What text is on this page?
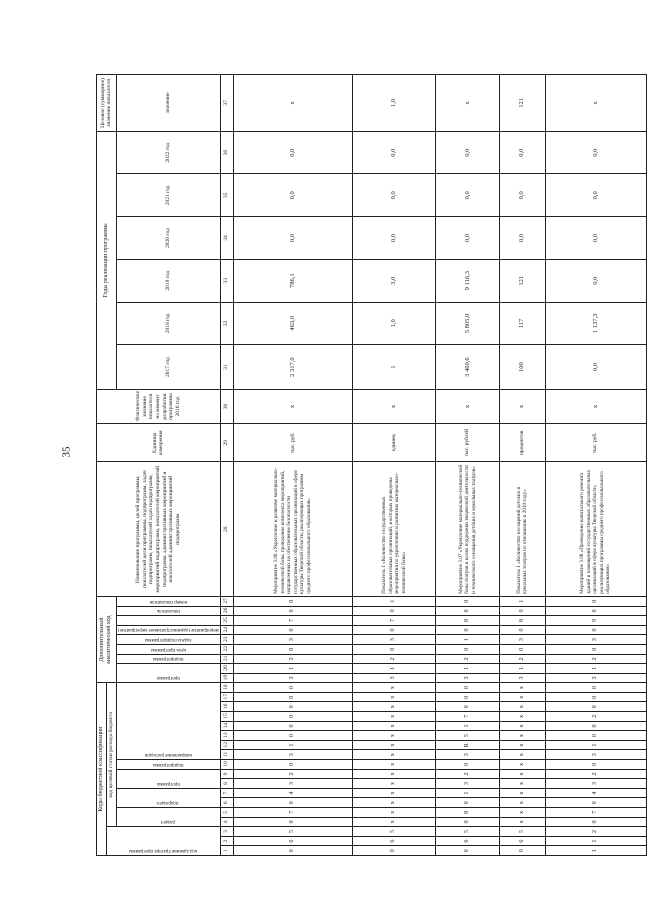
35
Коды бюджетной классификации																		Дополнительный аналитический код									Наименование программы, целей программы, показателей цели программы, подпрограмм, задач подпрограмм, показателей задач подпрограмм, мероприятий подпрограмм, показателей мероприятий подпрограмм, административных мероприятий и показателей административных мероприятий подпрограмм	Единица измерения	Фактическое значение показателя на момент разработки программы 2016 год	Годы реализации программы						Целевое (суммарное) значение показателя

код администратора программы			код целевой статьи расхода бюджета																																	

			раздел		подраздел		программа		подпрограмма	направление расходов								программа		подпрограмма	цель программы	задача подпрограммы	мероприятие (административное мероприятие)		показатель	номер показателя				2017 год	2018 год	2019 год	2020 год	2021 год	2022 год	значение

1	2	3	4	5	6	7	8	9	10	11	12	13	14	15	16	17	18	19	20	21	22	23	24	25	26	27	28	29	30	31	32	33	34	35	36	37
0	6	5	0	7	0	4	3	2	0	3	1	0	0	0	0	0	0	3	1	2	0	3	0	7	0	0	Мероприятие 3.06 «Укрепление и развитие материально-технической базы, проведение комплекса мероприятий, направленных на обеспечение безопасности государственных образовательных организаций в сфере культуры Тверской области, реализующих программы среднего профессионального образования»	тыс. руб.	х	2 317,0	463,0	786,1	0,0	0,0	0,0	х
0	6	5	х	х	х	х	х	х	х	х	х	х	х	х	х	х	х	3	1	2	0	3	0	7	0	1	Показатель 1 «Количество государственных образовательных организаций, в которых проведены мероприятия по укреплению и развитию материально-технической базы»	единиц	х	1	1,0	3,0	0,0	0,0	0,0	1,0
0	6	5	0	8	0	1	3	2	0	3	R	5	1	7	0	0	0	3	1	2	0	1	0	8	0	0	Мероприятие 3.07 «Укрепление материально-технической базы театров в целях поддержки творческой деятельности и технического оснащения детских и кукольных театров»	тыс. рублей	х	3 460,6	5 805,0	9 116,3	0,0	0,0	0,0	х
0	6	5	х	х	х	х	х	х	х	х	х	х	х	х	х	х	х	3	1	2	0	3	0	8	0	1	Показатель 1 «Количество посещений детских и кукольных театров по отношению к 2010 году»	процентов	х	100	117	121	0,0	0,0	0,0	121
1	1	2	0	7	0	4	3	2	0	3	1	0	0	2	0	0	0	3	1	2	0	3	0	9	0	0	Мероприятие 3.08 «Проведение капитального ремонта зданий и помещений государственных образовательных организаций в сфере культуры Тверской области, реализующих программы среднего профессионального образования»	тыс. руб.	х	0,0	1 137,3	0,0	0,0	0,0	0,0	х
